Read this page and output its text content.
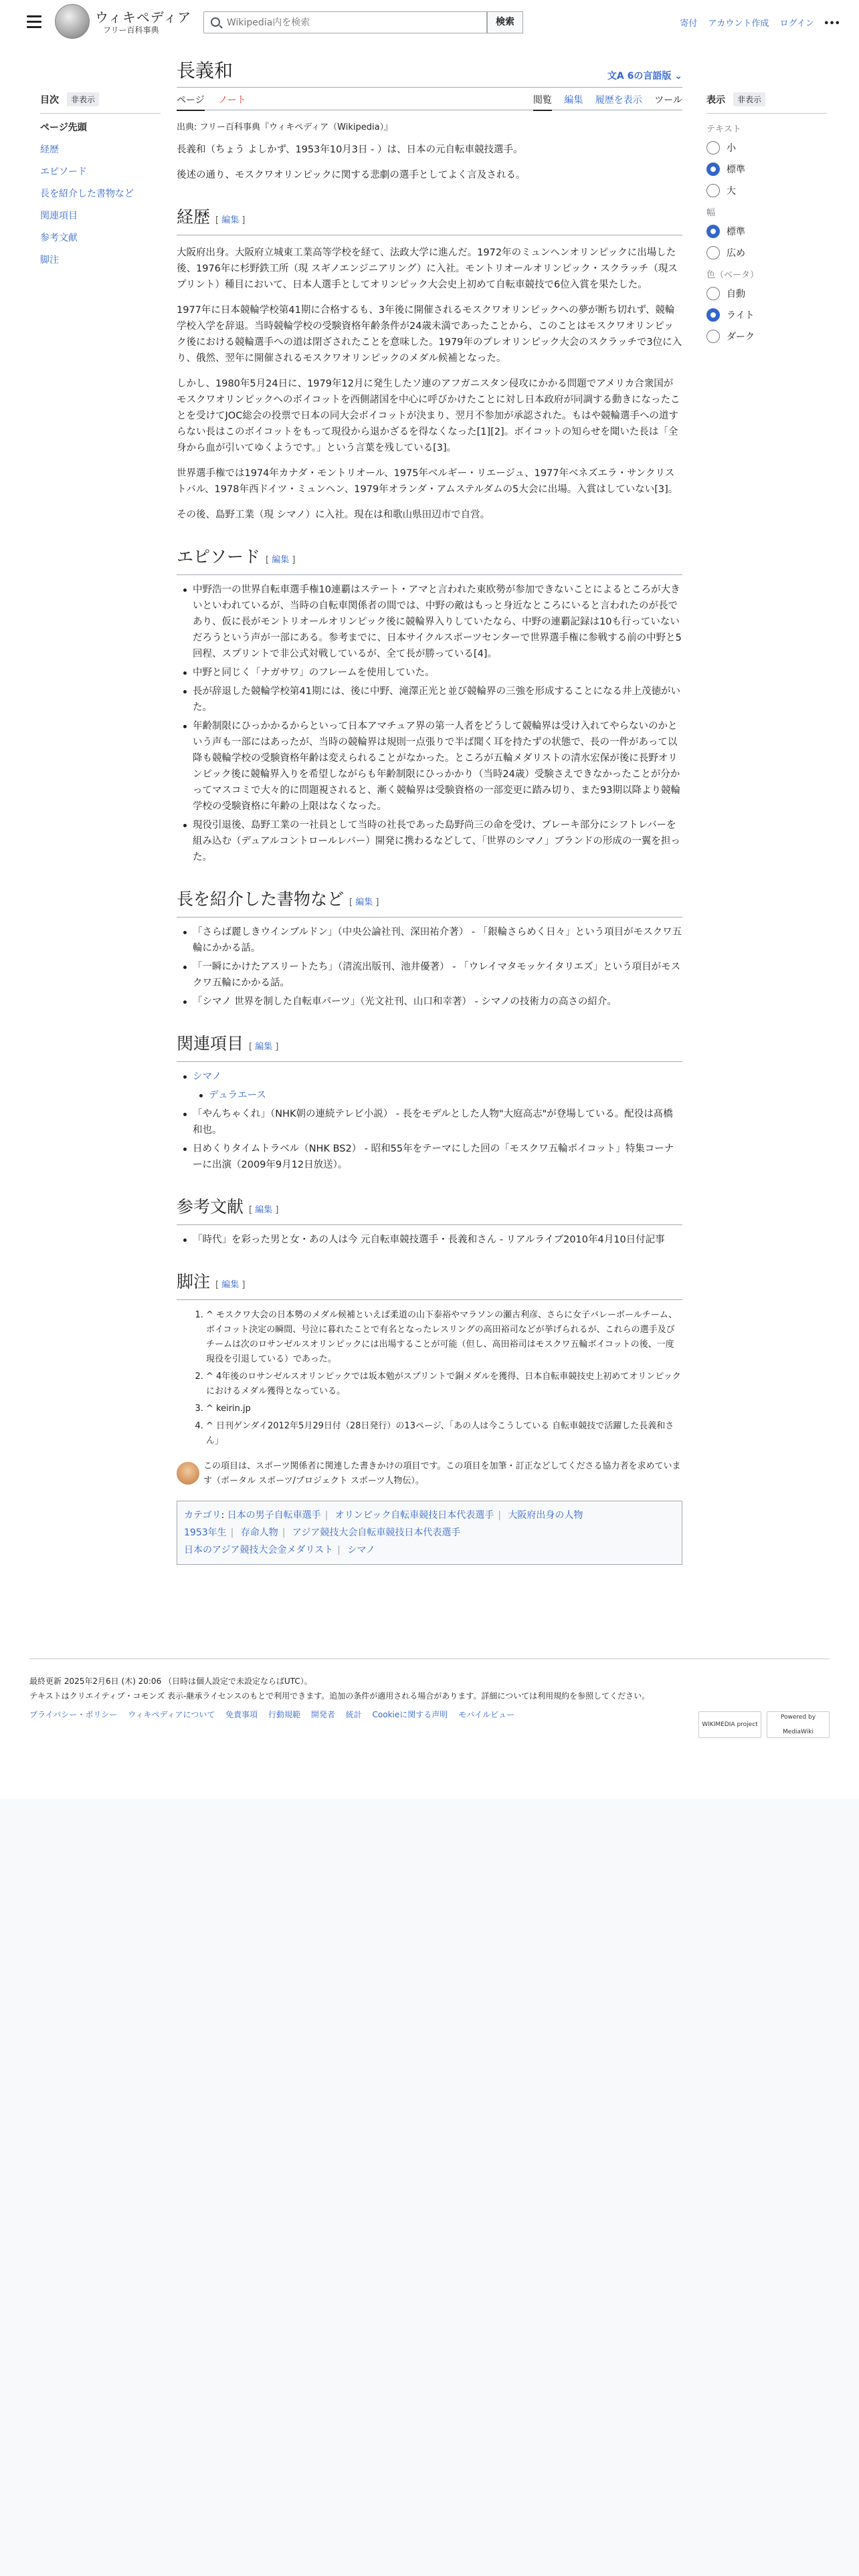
ウィキペディア
フリー百科事典
Wikipedia内を検索
検索	寄付 アカウント作成 ログイン •••
目次	非表示
ページ先頭
経歴
エピソード
長を紹介した書物など
関連項目
参考文献
脚注
長義和	文A 6の言語版 ⌄
ページ ノート	閲覧 編集 履歴を表示 ツール
出典: フリー百科事典『ウィキペディア（Wikipedia）』

長義和（ちょう よしかず、1953年10月3日 - ）は、日本の元自転車競技選手。

後述の通り、モスクワオリンピックに関する悲劇の選手としてよく言及される。

経歴 [ 編集 ]

大阪府出身。大阪府立城東工業高等学校を経て、法政大学に進んだ。1972年のミュンヘンオリンピックに出場した後、1976年に杉野鉄工所（現 スギノエンジニアリング）に入社。モントリオールオリンピック・スクラッチ（現スプリント）種目において、日本人選手としてオリンピック大会史上初めて自転車競技で6位入賞を果たした。

1977年に日本競輪学校第41期に合格するも、3年後に開催されるモスクワオリンピックへの夢が断ち切れず、競輪学校入学を辞退。当時競輪学校の受験資格年齢条件が24歳未満であったことから、このことはモスクワオリンピック後における競輪選手への道は閉ざされたことを意味した。1979年のプレオリンピック大会のスクラッチで3位に入り、俄然、翌年に開催されるモスクワオリンピックのメダル候補となった。

しかし、1980年5月24日に、1979年12月に発生したソ連のアフガニスタン侵攻にかかる問題でアメリカ合衆国がモスクワオリンピックへのボイコットを西側諸国を中心に呼びかけたことに対し日本政府が同調する動きになったことを受けてJOC総会の投票で日本の同大会ボイコットが決まり、翌月不参加が承認された。もはや競輪選手への道すらない長はこのボイコットをもって現役から退かざるを得なくなった[1][2]。ボイコットの知らせを聞いた長は「全身から血が引いてゆくようです。」という言葉を残している[3]。

世界選手権では1974年カナダ・モントリオール、1975年ベルギー・リエージュ、1977年ベネズエラ・サンクリストバル、1978年西ドイツ・ミュンヘン、1979年オランダ・アムステルダムの5大会に出場。入賞はしていない[3]。

その後、島野工業（現 シマノ）に入社。現在は和歌山県田辺市で自営。

エピソード [ 編集 ]
中野浩一の世界自転車選手権10連覇はステート・アマと言われた東欧勢が参加できないことによるところが大きいといわれているが、当時の自転車関係者の間では、中野の敵はもっと身近なところにいると言われたのが長であり、仮に長がモントリオールオリンピック後に競輪界入りしていたなら、中野の連覇記録は10も行っていないだろうという声が一部にある。参考までに、日本サイクルスポーツセンターで世界選手権に参戦する前の中野と5回程、スプリントで非公式対戦しているが、全て長が勝っている[4]。
中野と同じく「ナガサワ」のフレームを使用していた。
長が辞退した競輪学校第41期には、後に中野、滝澤正光と並び競輪界の三強を形成することになる井上茂徳がいた。
年齢制限にひっかかるからといって日本アマチュア界の第一人者をどうして競輪界は受け入れてやらないのかという声も一部にはあったが、当時の競輪界は規則一点張りで半ば聞く耳を持たずの状態で、長の一件があって以降も競輪学校の受験資格年齢は変えられることがなかった。ところが五輪メダリストの清水宏保が後に長野オリンピック後に競輪界入りを希望しながらも年齢制限にひっかかり（当時24歳）受験さえできなかったことが分かってマスコミで大々的に問題視されると、漸く競輪界は受験資格の一部変更に踏み切り、また93期以降より競輪学校の受験資格に年齢の上限はなくなった。
現役引退後、島野工業の一社員として当時の社長であった島野尚三の命を受け、ブレーキ部分にシフトレバーを組み込む（デュアルコントロールレバー）開発に携わるなどして、「世界のシマノ」ブランドの形成の一翼を担った。
長を紹介した書物など [ 編集 ]
「さらば麗しきウインブルドン」（中央公論社刊、深田祐介著） - 「銀輪さらめく日々」という項目がモスクワ五輪にかかる話。
「一瞬にかけたアスリートたち」（清流出版刊、池井優著） - 「ウレイマタモッケイタリエズ」という項目がモスクワ五輪にかかる話。
「シマノ 世界を制した自転車パーツ」（光文社刊、山口和幸著） - シマノの技術力の高さの紹介。
関連項目 [ 編集 ]
シマノ
デュラエース
「やんちゃくれ」（NHK朝の連続テレビ小説） - 長をモデルとした人物"大庭高志"が登場している。配役は髙橋和也。
日めくりタイムトラベル（NHK BS2） - 昭和55年をテーマにした回の「モスクワ五輪ボイコット」特集コーナーに出演（2009年9月12日放送）。
参考文献 [ 編集 ]
「時代」を彩った男と女・あの人は今 元自転車競技選手・長義和さん - リアルライブ2010年4月10日付記事
脚注 [ 編集 ]
1. ^ モスクワ大会の日本勢のメダル候補といえば柔道の山下泰裕やマラソンの瀬古利彦、さらに女子バレーボールチーム、ボイコット決定の瞬間、号泣に暮れたことで有名となったレスリングの高田裕司などが挙げられるが、これらの選手及びチームは次のロサンゼルスオリンピックには出場することが可能（但し、高田裕司はモスクワ五輪ボイコットの後、一度現役を引退している）であった。
2. ^ 4年後のロサンゼルスオリンピックでは坂本勉がスプリントで銅メダルを獲得、日本自転車競技史上初めてオリンピックにおけるメダル獲得となっている。
3. ^ keirin.jp
4. ^ 日刊ゲンダイ2012年5月29日付（28日発行）の13ページ、「あの人は今こうしている 自転車競技で活躍した長義和さん」
この項目は、スポーツ関係者に関連した書きかけの項目です。この項目を加筆・訂正などしてくださる協力者を求めています（ポータル スポーツ/プロジェクト スポーツ人物伝）。
カテゴリ: 日本の男子自転車選手 | オリンピック自転車競技日本代表選手 | 大阪府出身の人物
1953年生 | 存命人物 | アジア競技大会自転車競技日本代表選手
日本のアジア競技大会金メダリスト | シマノ
表示	非表示
テキスト
小
標準
大
幅
標準
広め
色（ベータ）
自動
ライト
ダーク
最終更新 2025年2月6日 (木) 20:06 （日時は個人設定で未設定ならばUTC）。
テキストはクリエイティブ・コモンズ 表示-継承ライセンスのもとで利用できます。追加の条件が適用される場合があります。詳細については利用規約を参照してください。
プライバシー・ポリシー ウィキペディアについて 免責事項 行動規範 開発者 統計 Cookieに関する声明 モバイルビュー
WIKIMEDIA project
Powered by MediaWiki
